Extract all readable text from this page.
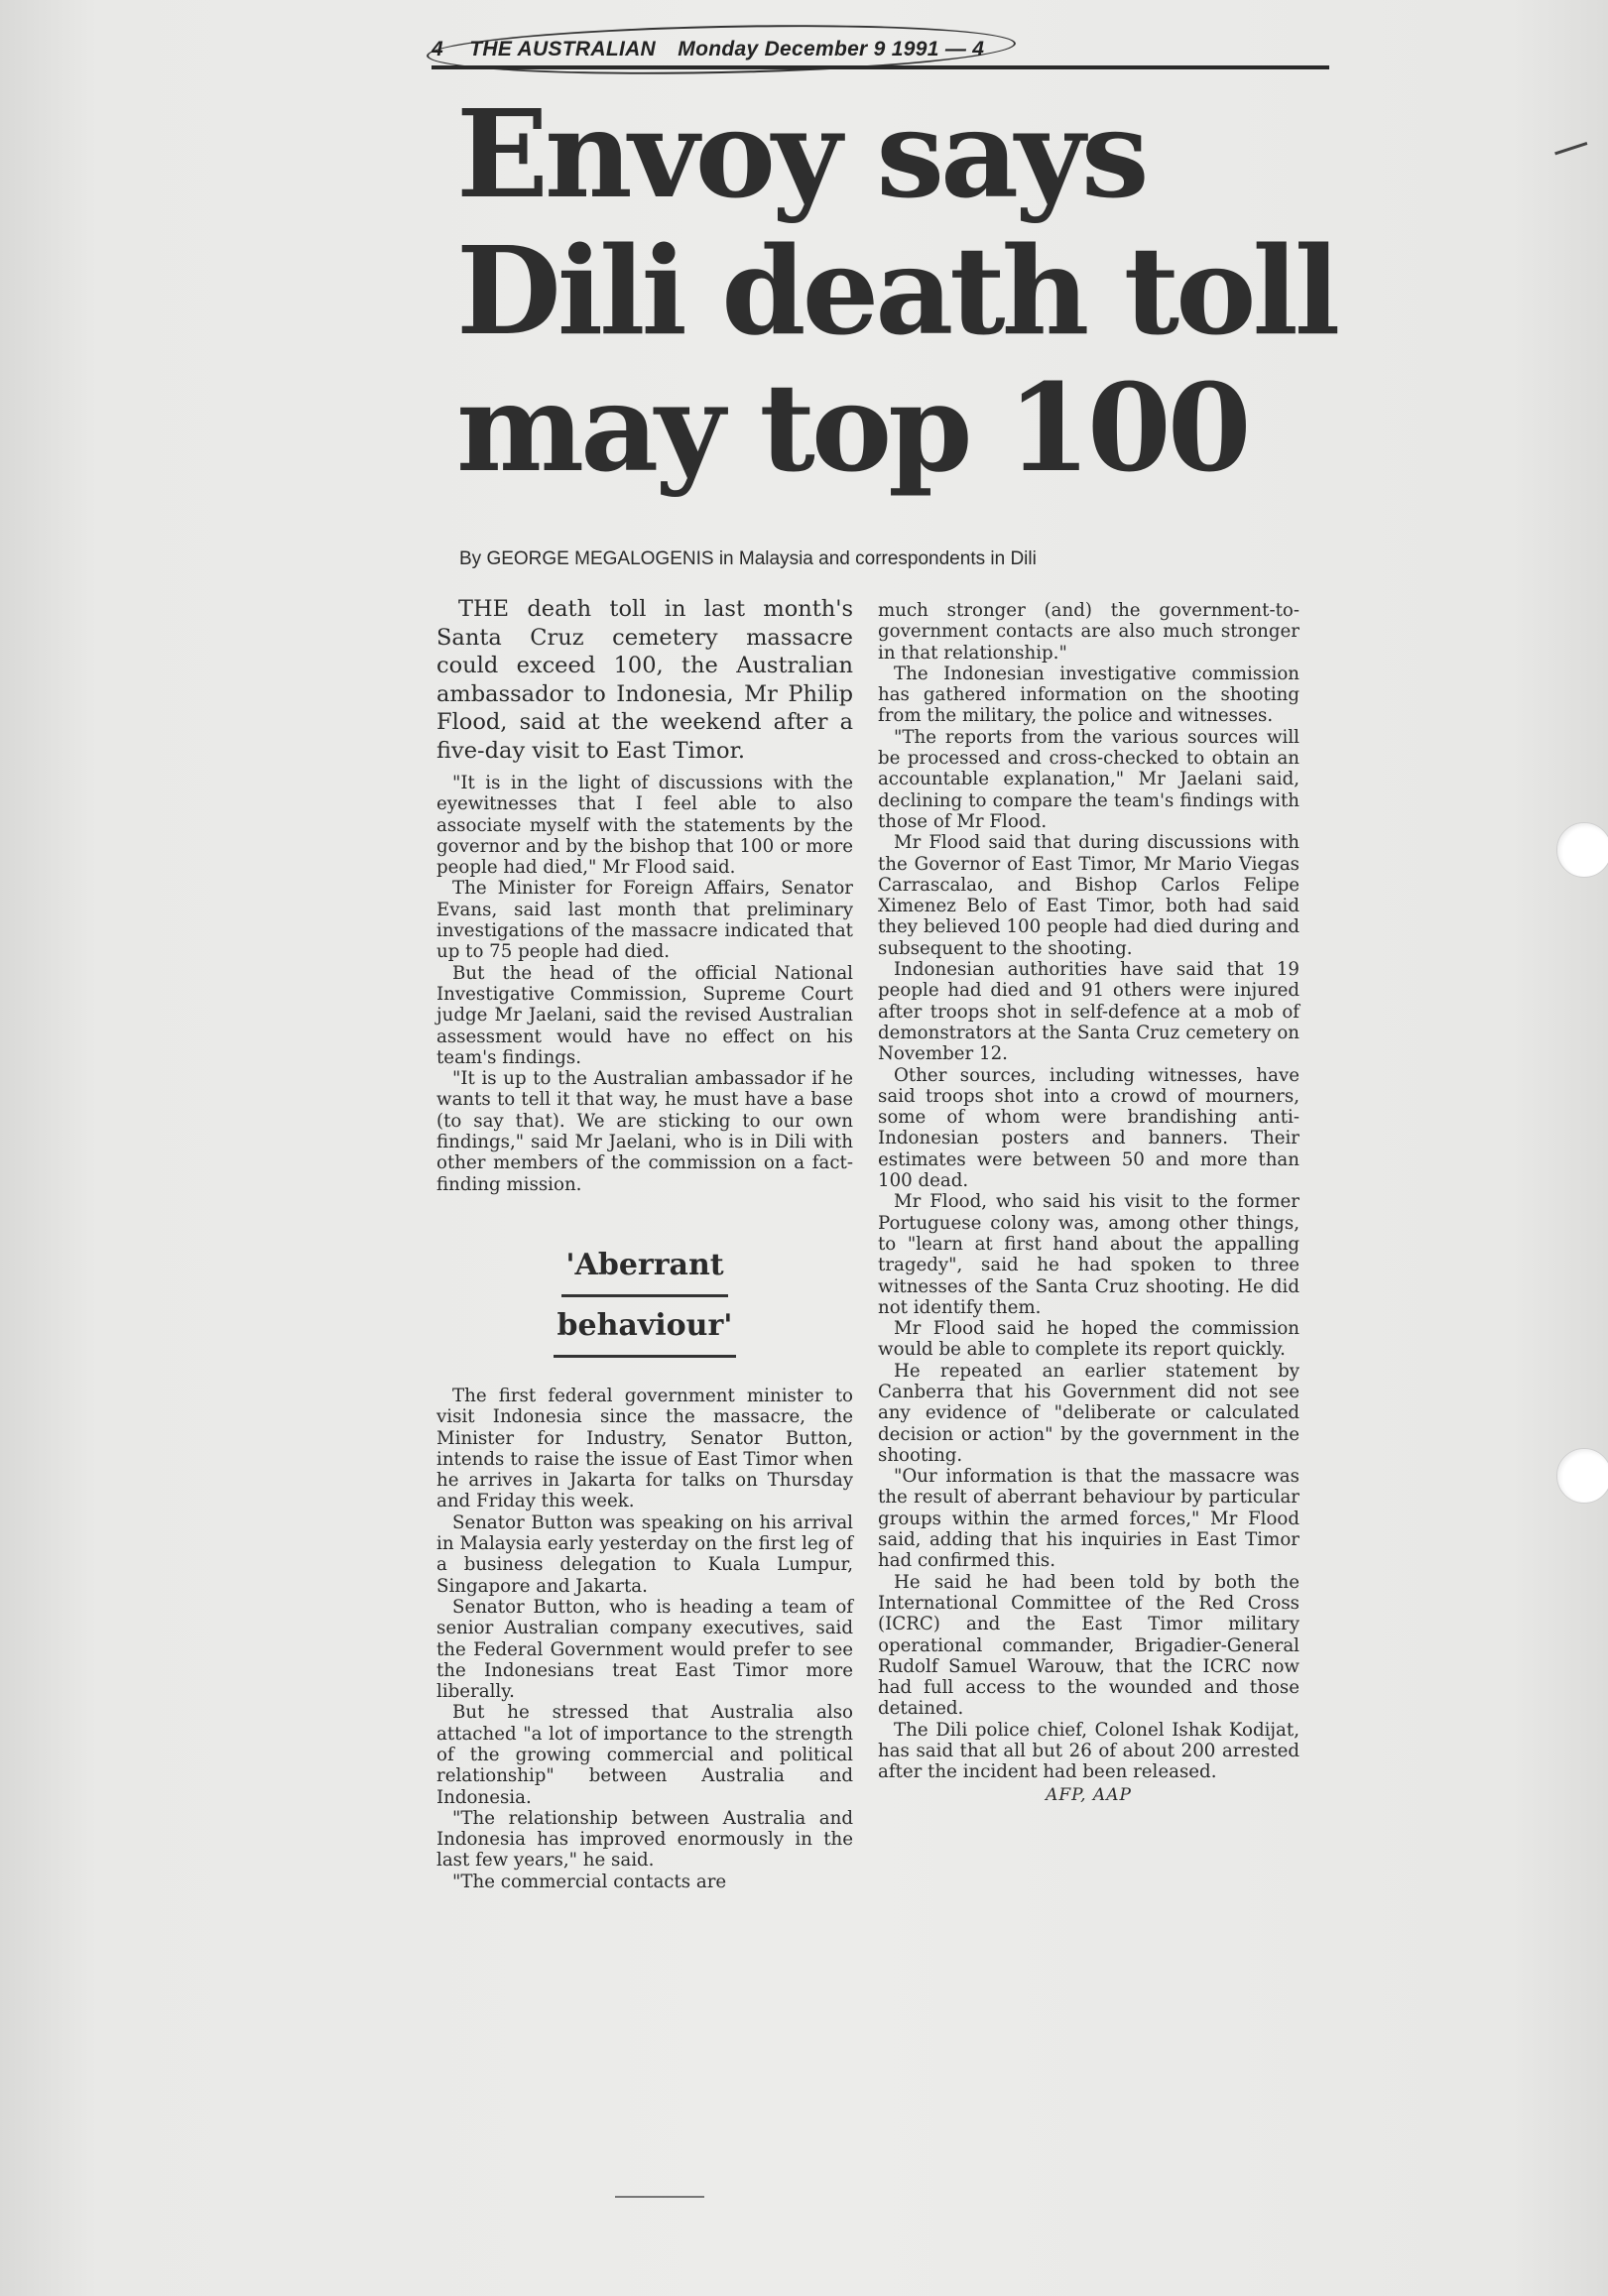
4 THE AUSTRALIAN Monday December 9 1991 — 4
Envoy says
Dili death toll
may top 100
By GEORGE MEGALOGENIS in Malaysia and correspondents in Dili

THE death toll in last month's Santa Cruz cemetery massacre could exceed 100, the Australian ambassador to Indonesia, Mr Philip Flood, said at the weekend after a five-day visit to East Timor.

"It is in the light of discussions with the eyewitnesses that I feel able to also associate myself with the statements by the governor and by the bishop that 100 or more people had died," Mr Flood said.

The Minister for Foreign Affairs, Senator Evans, said last month that preliminary investigations of the massacre indicated that up to 75 people had died.

But the head of the official National Investigative Commission, Supreme Court judge Mr Jaelani, said the revised Australian assessment would have no effect on his team's findings.

"It is up to the Australian ambassador if he wants to tell it that way, he must have a base (to say that). We are sticking to our own findings," said Mr Jaelani, who is in Dili with other members of the commission on a fact-finding mission.

'Aberrant
behaviour'

The first federal government minister to visit Indonesia since the massacre, the Minister for Industry, Senator Button, intends to raise the issue of East Timor when he arrives in Jakarta for talks on Thursday and Friday this week.

Senator Button was speaking on his arrival in Malaysia early yesterday on the first leg of a business delegation to Kuala Lumpur, Singapore and Jakarta.

Senator Button, who is heading a team of senior Australian company executives, said the Federal Government would prefer to see the Indonesians treat East Timor more liberally.

But he stressed that Australia also attached "a lot of importance to the strength of the growing commercial and political relationship" between Australia and Indonesia.

"The relationship between Australia and Indonesia has improved enormously in the last few years," he said.

"The commercial contacts are

much stronger (and) the government-to-government contacts are also much stronger in that relationship."

The Indonesian investigative commission has gathered information on the shooting from the military, the police and witnesses.

"The reports from the various sources will be processed and cross-checked to obtain an accountable explanation," Mr Jaelani said, declining to compare the team's findings with those of Mr Flood.

Mr Flood said that during discussions with the Governor of East Timor, Mr Mario Viegas Carrascalao, and Bishop Carlos Felipe Ximenez Belo of East Timor, both had said they believed 100 people had died during and subsequent to the shooting.

Indonesian authorities have said that 19 people had died and 91 others were injured after troops shot in self-defence at a mob of demonstrators at the Santa Cruz cemetery on November 12.

Other sources, including witnesses, have said troops shot into a crowd of mourners, some of whom were brandishing anti-Indonesian posters and banners. Their estimates were between 50 and more than 100 dead.

Mr Flood, who said his visit to the former Portuguese colony was, among other things, to "learn at first hand about the appalling tragedy", said he had spoken to three witnesses of the Santa Cruz shooting. He did not identify them.

Mr Flood said he hoped the commission would be able to complete its report quickly.

He repeated an earlier statement by Canberra that his Government did not see any evidence of "deliberate or calculated decision or action" by the government in the shooting.

"Our information is that the massacre was the result of aberrant behaviour by particular groups within the armed forces," Mr Flood said, adding that his inquiries in East Timor had confirmed this.

He said he had been told by both the International Committee of the Red Cross (ICRC) and the East Timor military operational commander, Brigadier-General Rudolf Samuel Warouw, that the ICRC now had full access to the wounded and those detained.

The Dili police chief, Colonel Ishak Kodijat, has said that all but 26 of about 200 arrested after the incident had been released.

AFP, AAP
